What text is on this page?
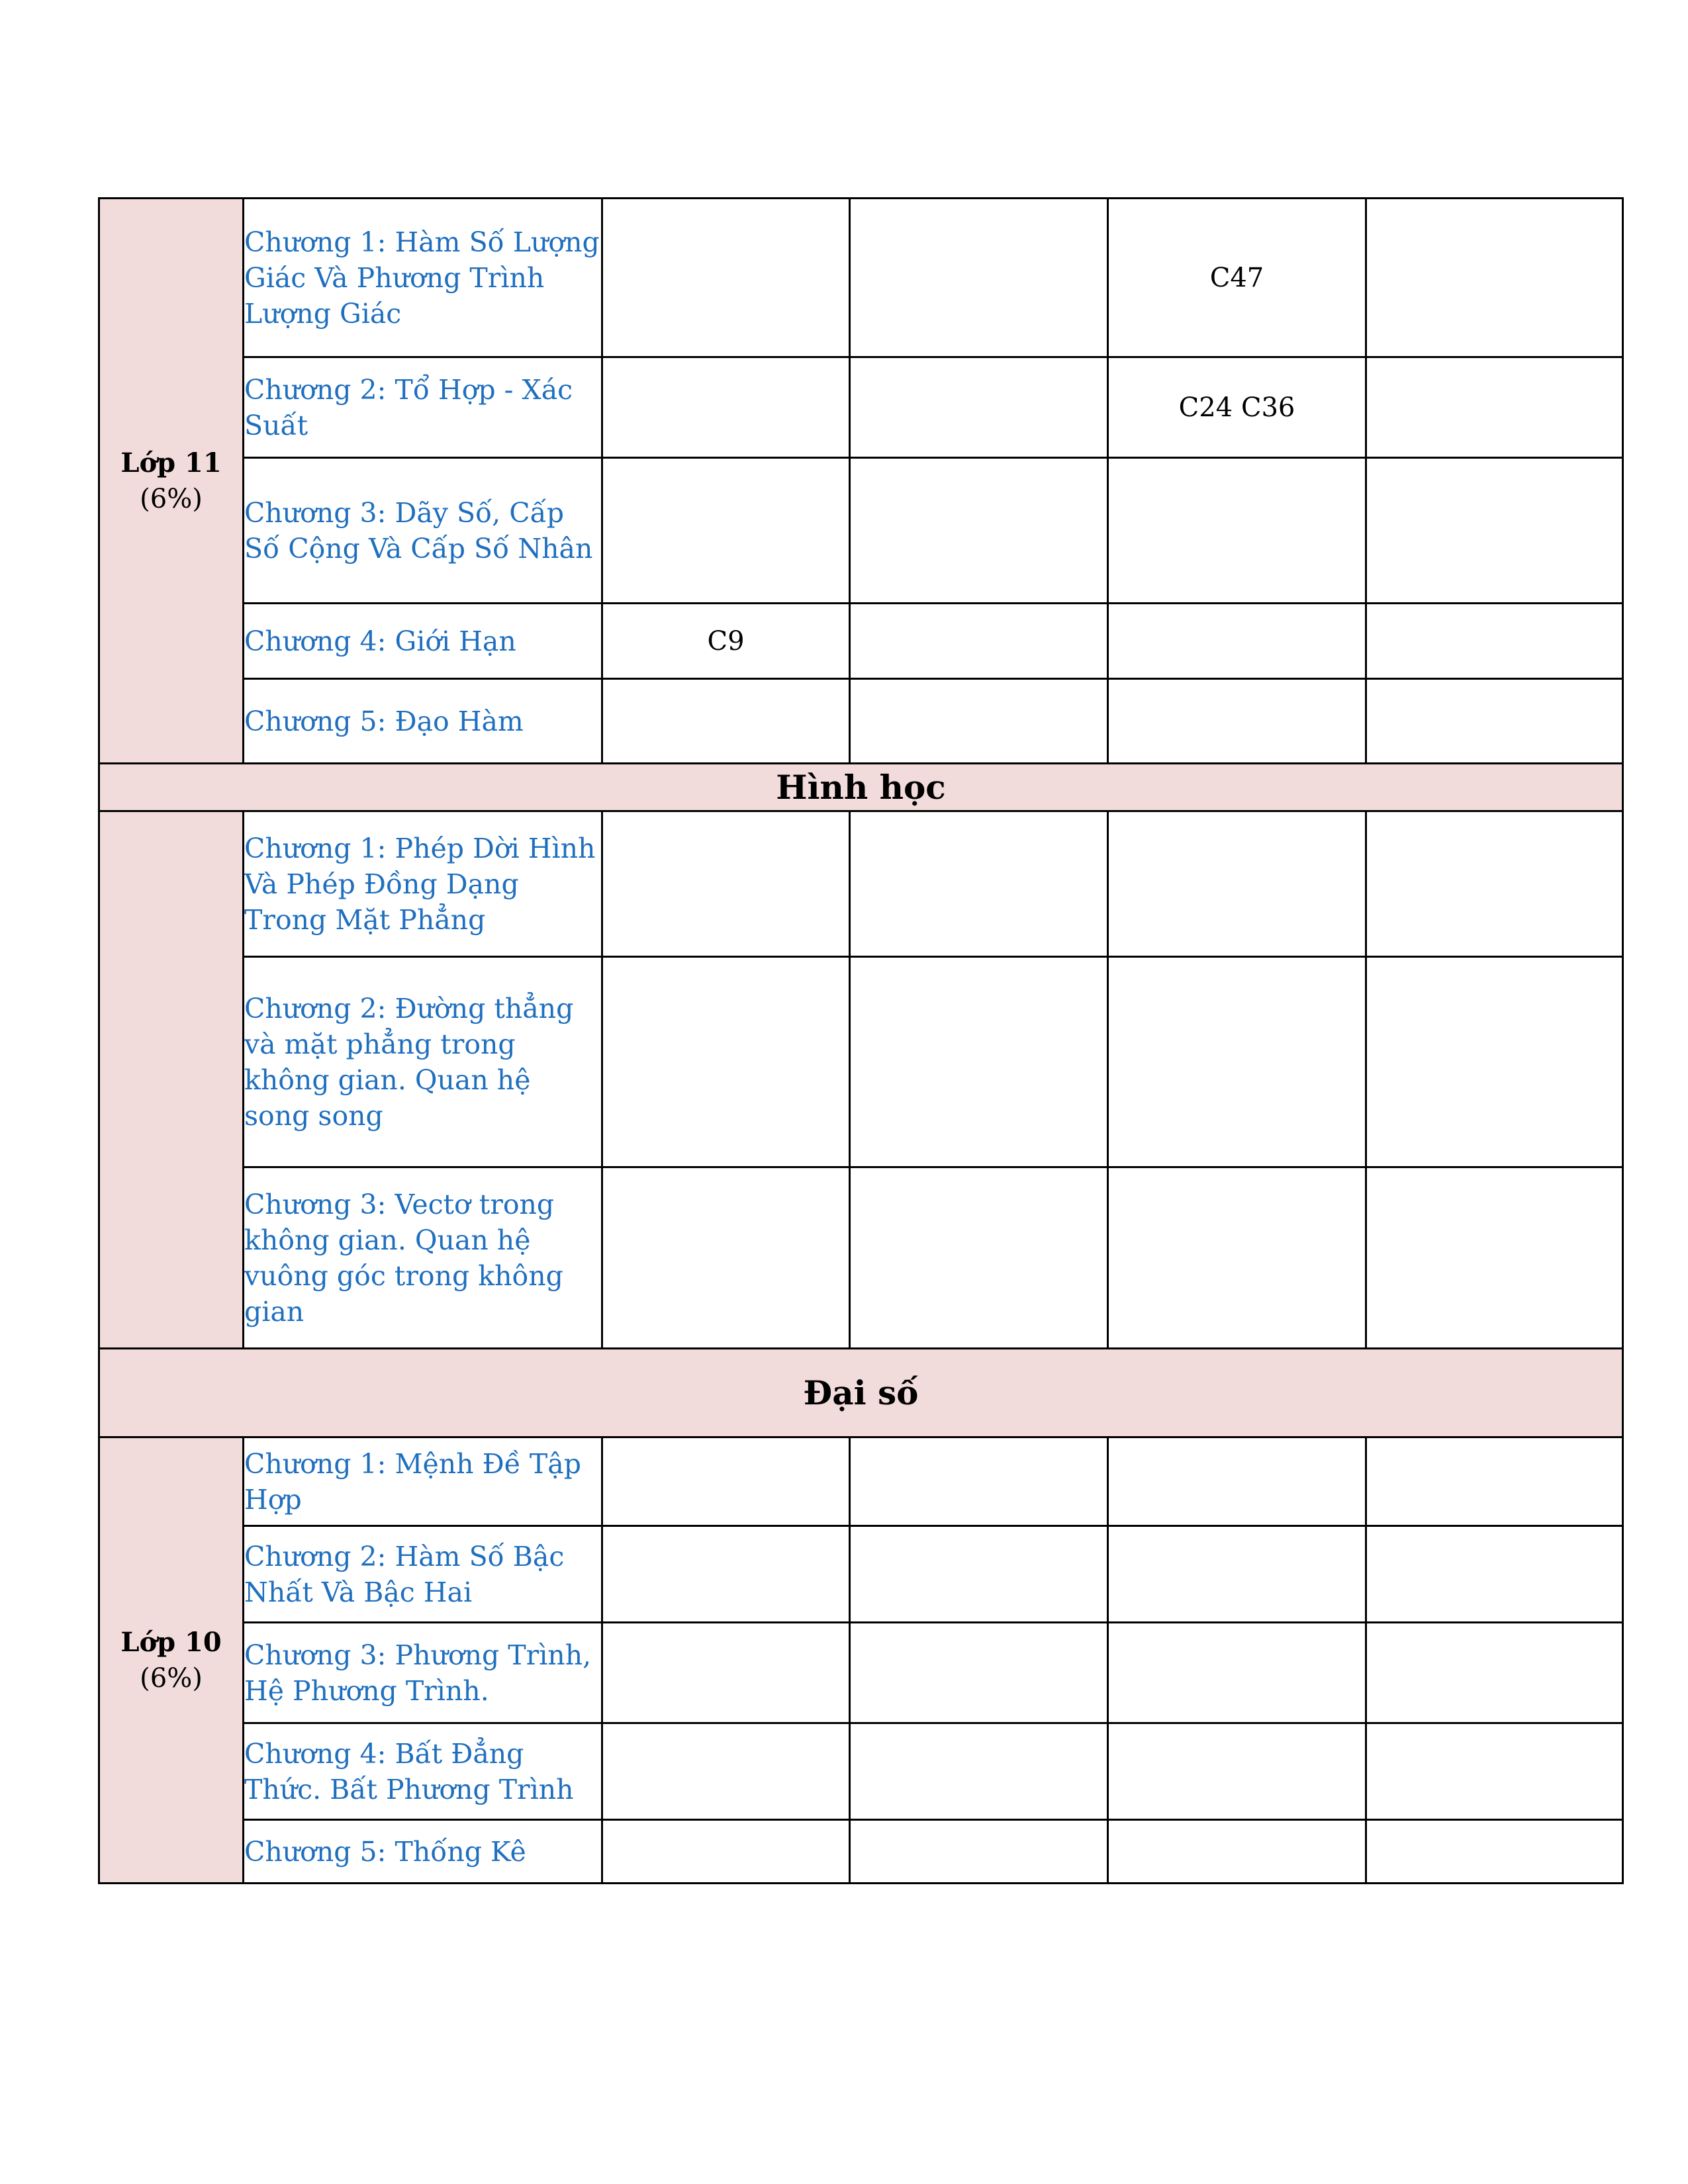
Lớp 11
(6%)	Chương 1: Hàm Số Lượng Giác Và Phương Trình Lượng Giác			C47	
	Chương 2: Tổ Hợp - Xác Suất			C24 C36	
	Chương 3: Dãy Số, Cấp Số Cộng Và Cấp Số Nhân				
	Chương 4: Giới Hạn	C9			
	Chương 5: Đạo Hàm				
Hình học					

	Chương 1: Phép Dời Hình Và Phép Đồng Dạng Trong Mặt Phẳng				
	Chương 2: Đường thẳng và mặt phẳng trong không gian. Quan hệ song song				
	Chương 3: Vectơ trong không gian. Quan hệ vuông góc trong không gian				
Đại số					

Lớp 10
(6%)	Chương 1: Mệnh Đề Tập Hợp				
	Chương 2: Hàm Số Bậc Nhất Và Bậc Hai				
	Chương 3: Phương Trình, Hệ Phương Trình.				
	Chương 4: Bất Đẳng Thức. Bất Phương Trình				
	Chương 5: Thống Kê				
